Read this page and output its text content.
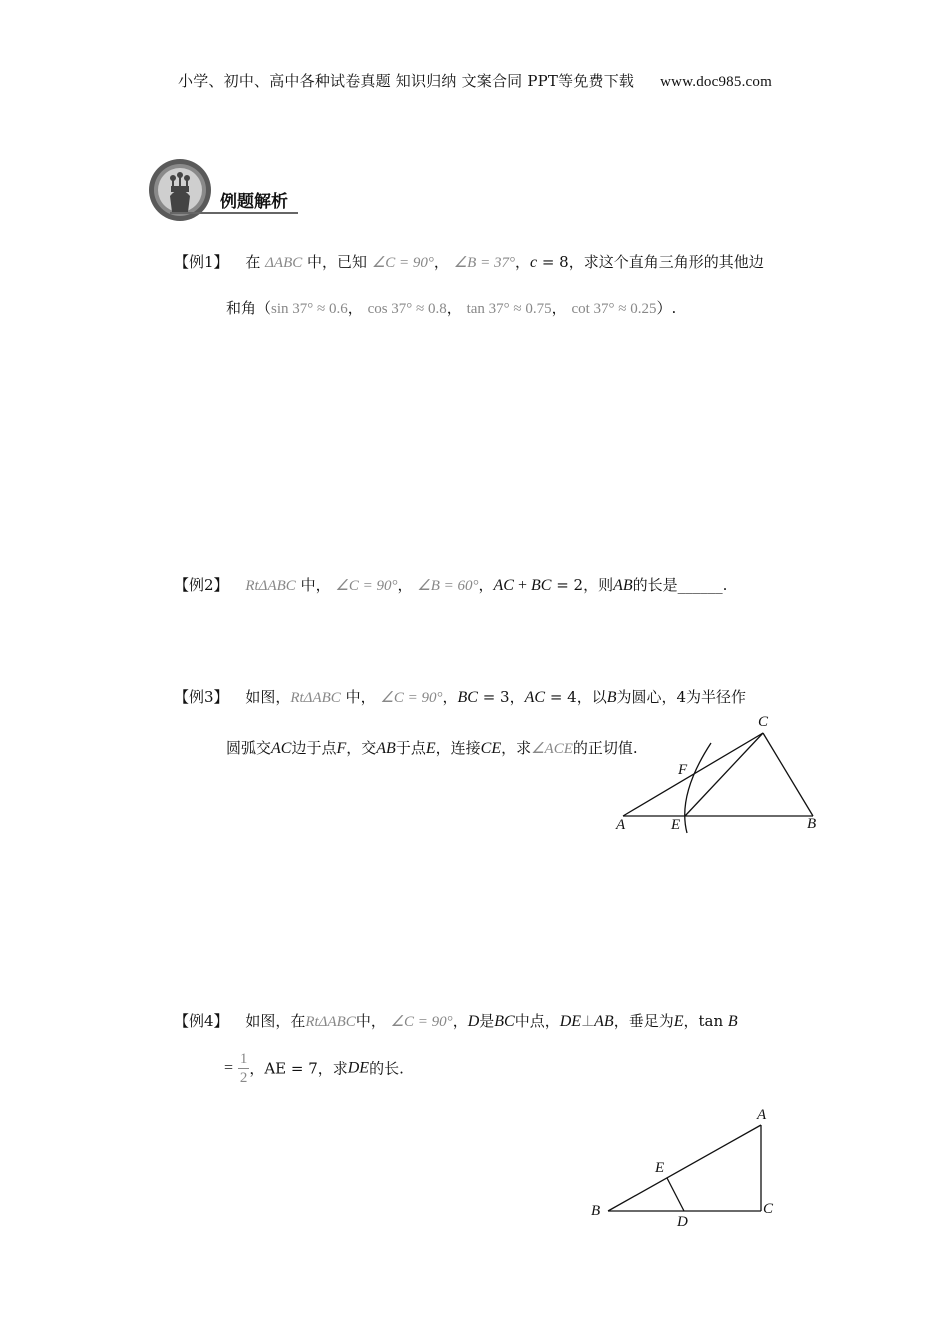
小学、初中、高中各种试卷真题 知识归纳 文案合同 PPT等免费下载 www.doc985.com
例题解析
【例1】 在 ΔABC 中，已知 ∠C = 90°， ∠B = 37°，c = 8，求这个直角三角形的其他边
和角（sin 37° ≈ 0.6， cos 37° ≈ 0.8， tan 37° ≈ 0.75， cot 37° ≈ 0.25）.
【例2】 RtΔABC 中， ∠C = 90°， ∠B = 60°，AC + BC = 2，则AB的长是______.
【例3】 如图，RtΔABC 中， ∠C = 90°，BC = 3，AC = 4，以B为圆心，4为半径作
圆弧交AC边于点F，交AB于点E，连接CE，求∠ACE的正切值.
C
F
A	E	B
【例4】 如图，在RtΔABC中， ∠C = 90°，D是BC中点，DE⊥AB，垂足为E，tan B
= $\frac{1}{2}$ ，AE = 7，求DE的长.
A
E
B
D
C
